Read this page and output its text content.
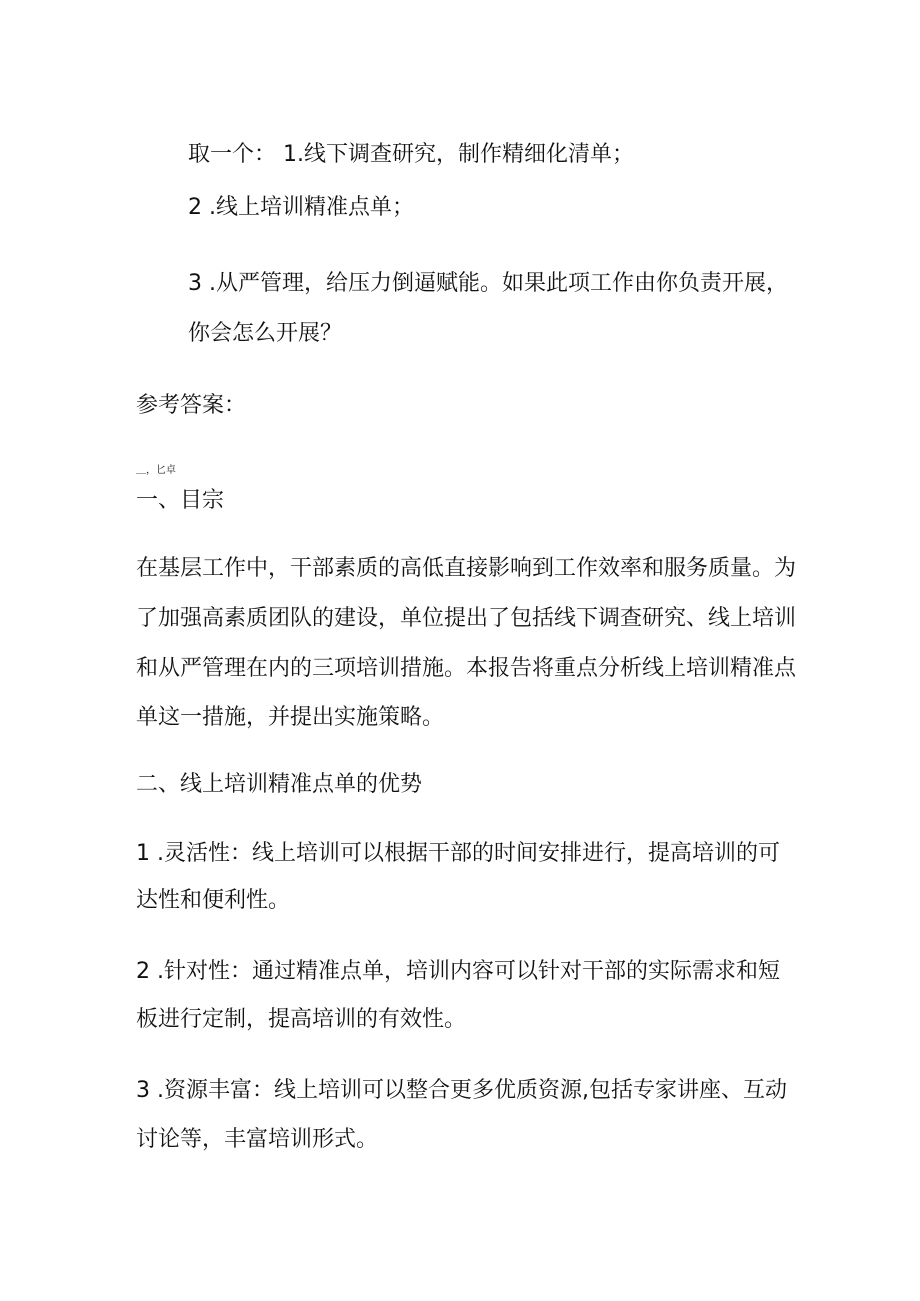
取一个： 1.线下调查研究，制作精细化清单；
2 .线上培训精准点单；
3 .从严管理，给压力倒逼赋能。如果此项工作由你负责开展，
你会怎么开展？
参考答案：
＿，匕卓
一、目宗
在基层工作中，干部素质的高低直接影响到工作效率和服务质量。为
了加强高素质团队的建设，单位提出了包括线下调查研究、线上培训
和从严管理在内的三项培训措施。本报告将重点分析线上培训精准点
单这一措施，并提出实施策略。
二、线上培训精准点单的优势
1 .灵活性：线上培训可以根据干部的时间安排进行，提高培训的可
达性和便利性。
2 .针对性：通过精准点单，培训内容可以针对干部的实际需求和短
板进行定制，提高培训的有效性。
3 .资源丰富：线上培训可以整合更多优质资源,包括专家讲座、互动
讨论等，丰富培训形式。
